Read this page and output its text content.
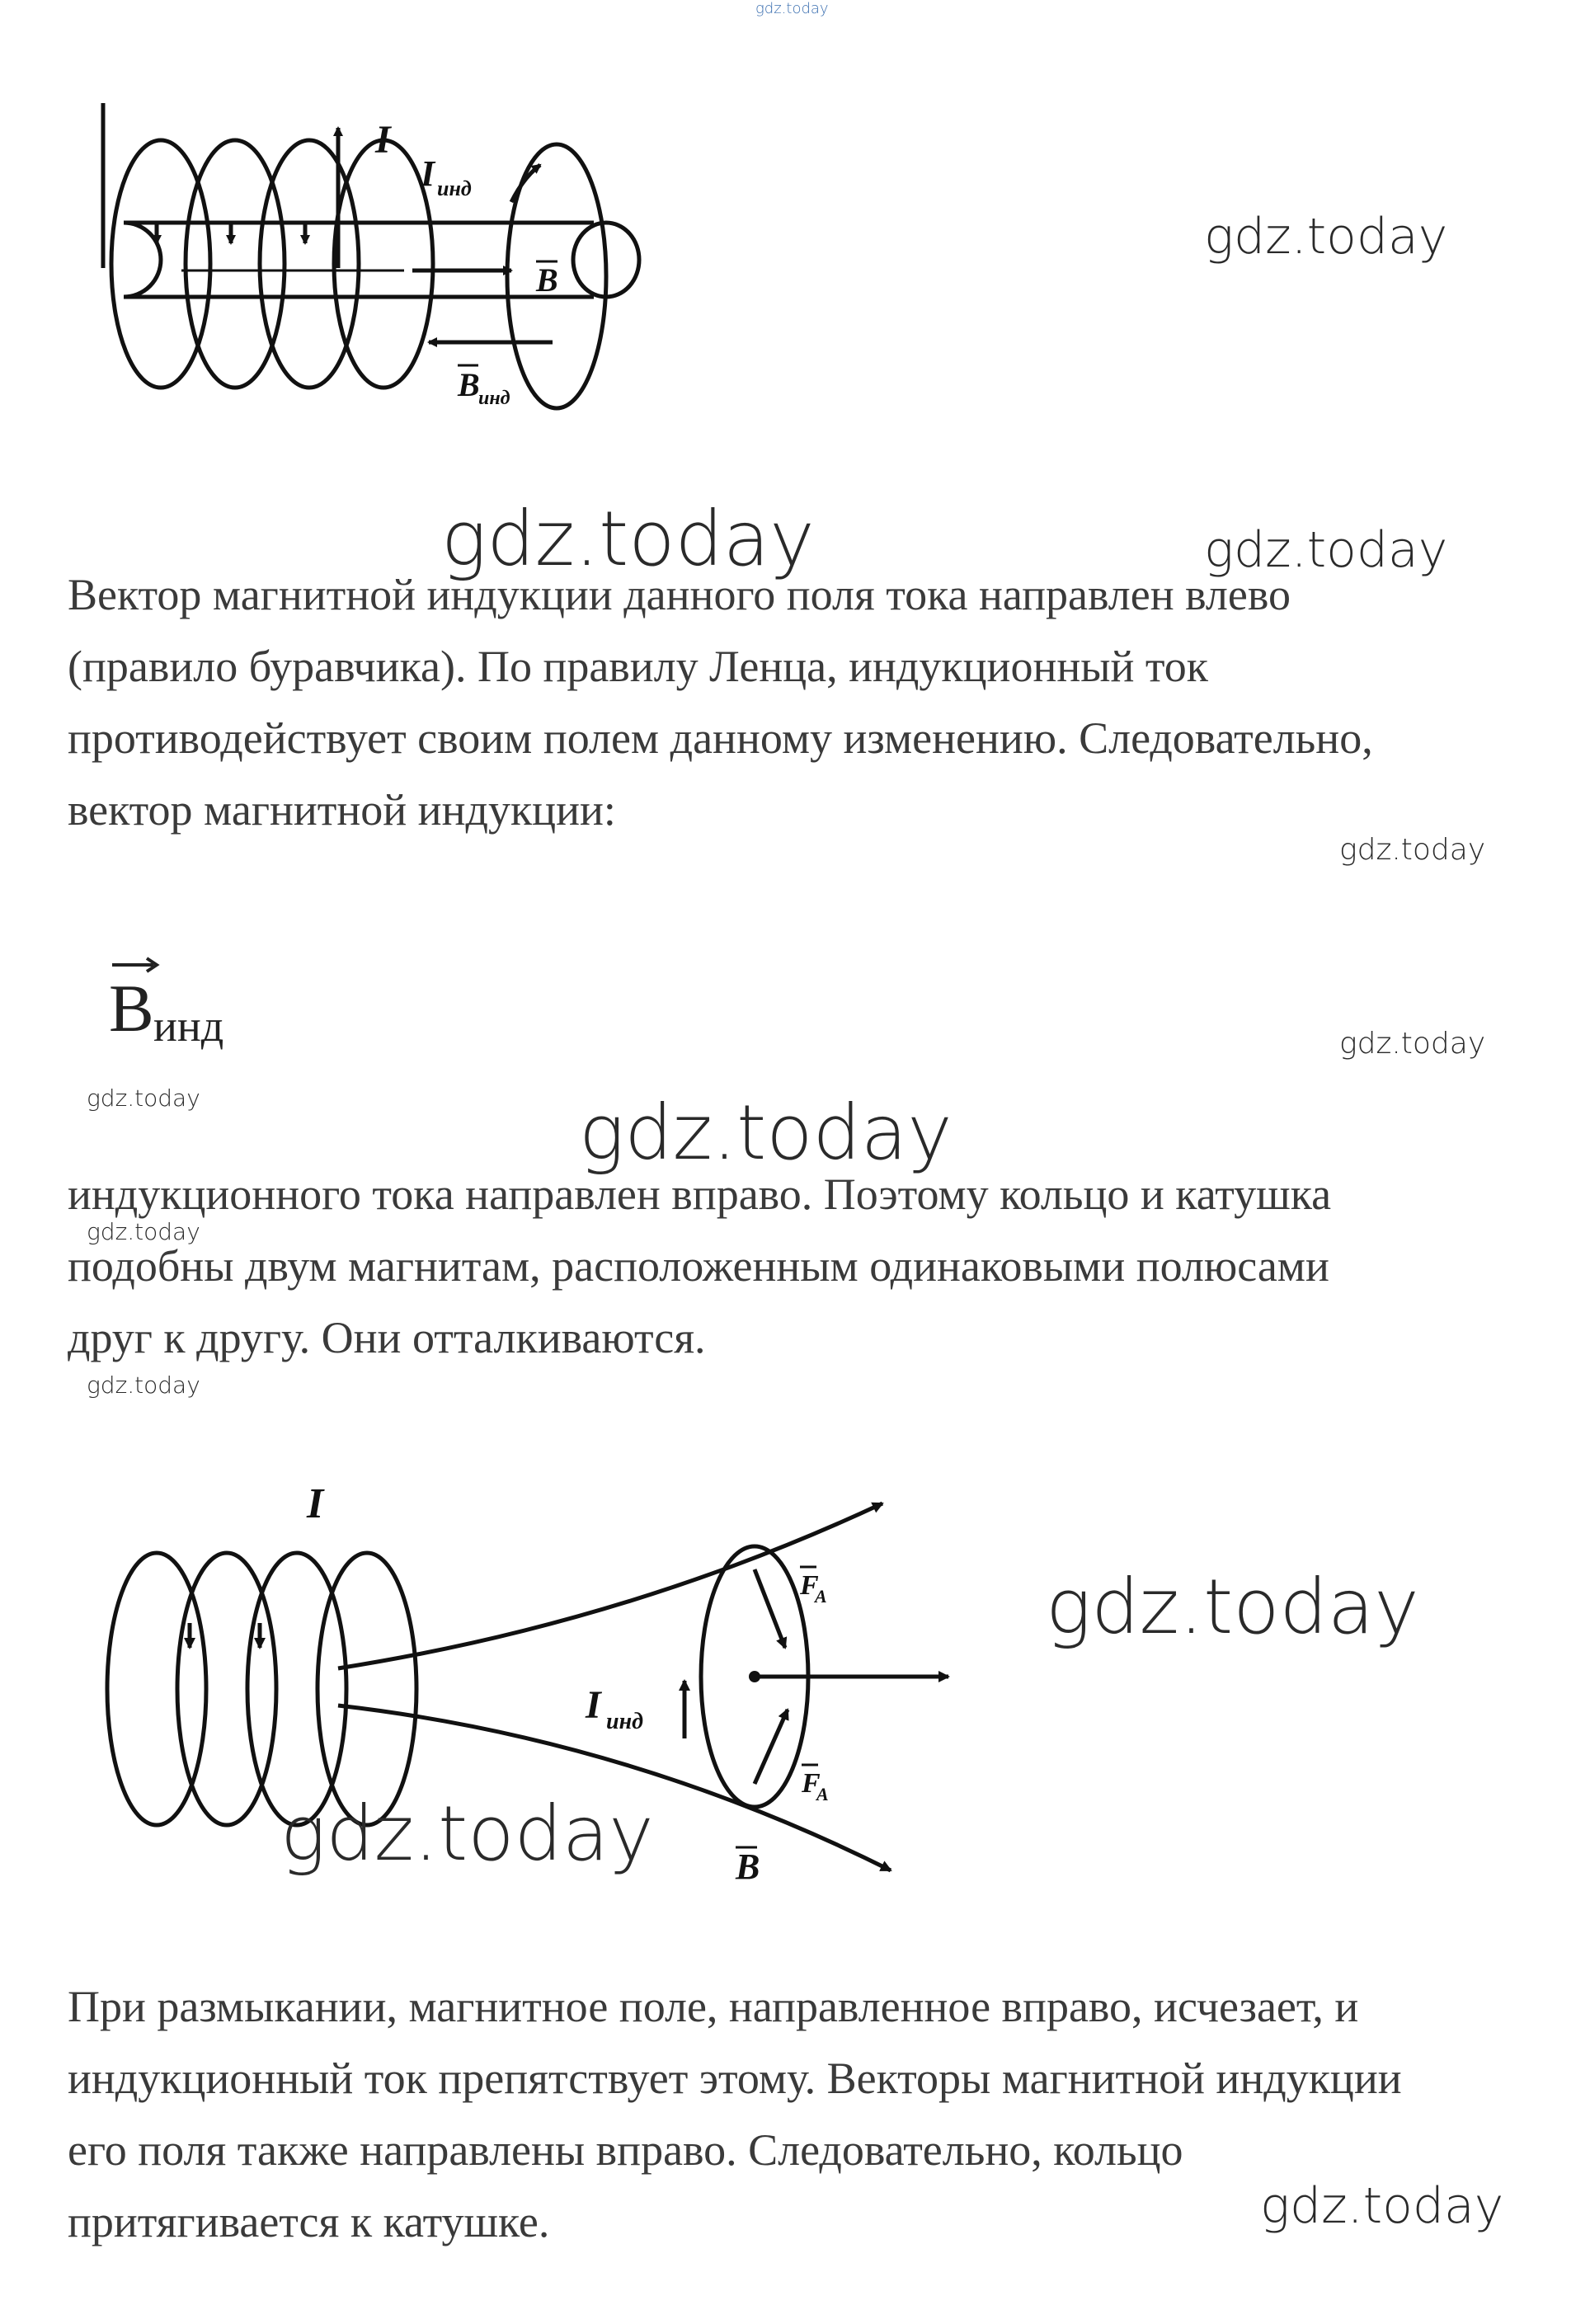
gdz.today
I
I инд
B
B
инд
gdz.today
gdz.today	gdz.today
Вектор магнитной индукции данного поля тока направлен влево
(правило буравчика). По правилу Ленца, индукционный ток
противодействует своим полем данному изменению. Следовательно,
вектор магнитной индукции:
gdz.today
B инд	gdz.today
gdz.today	gdz.today
индукционного тока направлен вправо. Поэтому кольцо и катушка
подобны двум магнитам, расположенным одинаковыми полюсами
друг к другу. Они отталкиваются.
gdz.today
gdz.today
I
I инд
F
A
F
A
B
gdz.today
gdz.today
При размыкании, магнитное поле, направленное вправо, исчезает, и
индукционный ток препятствует этому. Векторы магнитной индукции
его поля также направлены вправо. Следовательно, кольцо
притягивается к катушке.	gdz.today
